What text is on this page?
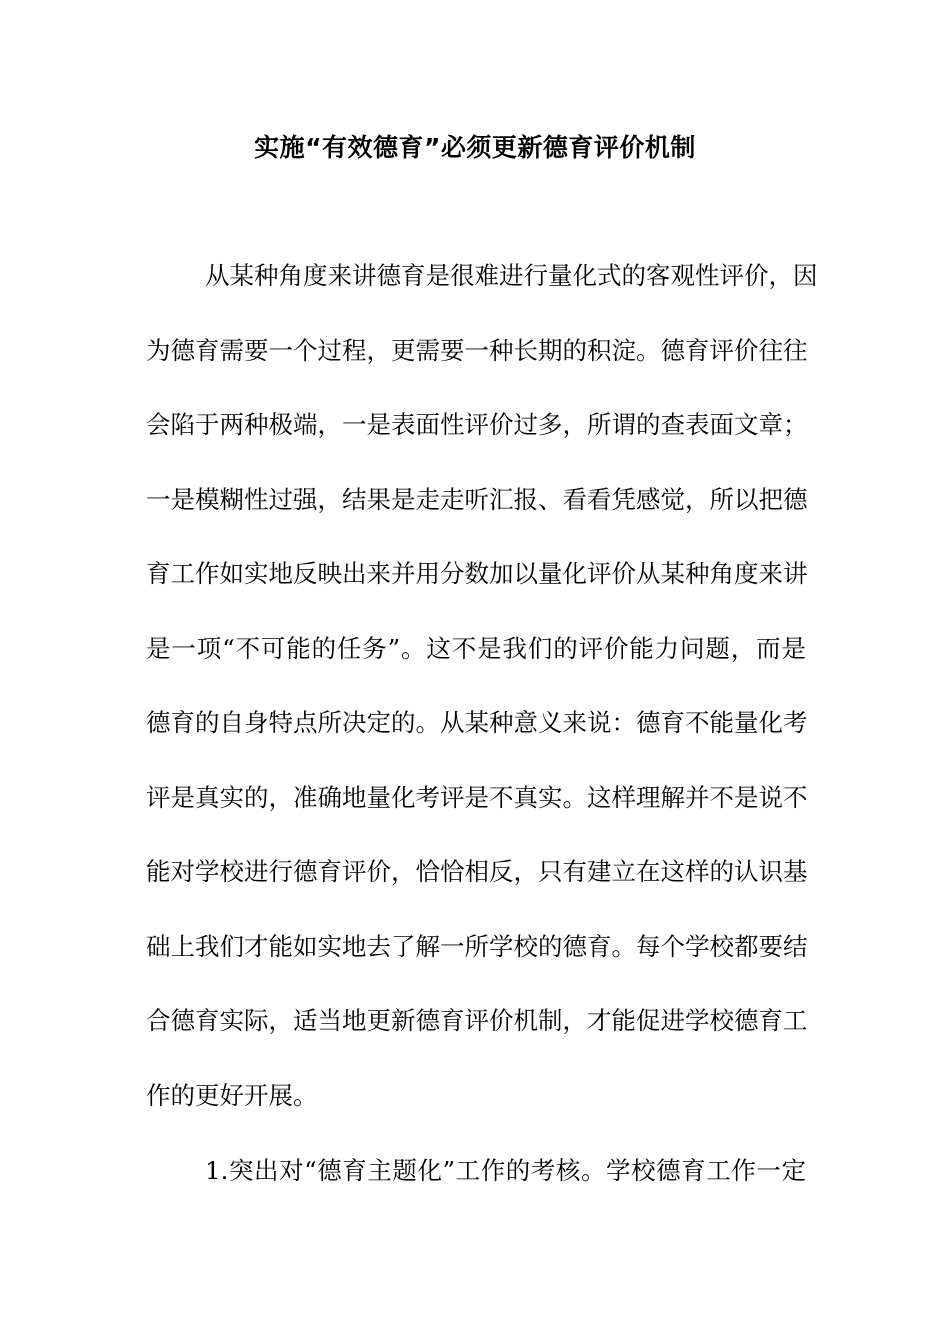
实施“有效德育”必须更新德育评价机制
从某种角度来讲德育是很难进行量化式的客观性评价，因
为德育需要一个过程，更需要一种长期的积淀。德育评价往往
会陷于两种极端，一是表面性评价过多，所谓的查表面文章；
一是模糊性过强，结果是走走听汇报、看看凭感觉，所以把德
育工作如实地反映出来并用分数加以量化评价从某种角度来讲
是一项“不可能的任务”。这不是我们的评价能力问题，而是
德育的自身特点所决定的。从某种意义来说：德育不能量化考
评是真实的，准确地量化考评是不真实。这样理解并不是说不
能对学校进行德育评价，恰恰相反，只有建立在这样的认识基
础上我们才能如实地去了解一所学校的德育。每个学校都要结
合德育实际，适当地更新德育评价机制，才能促进学校德育工
作的更好开展。
1.突出对“德育主题化”工作的考核。学校德育工作一定
